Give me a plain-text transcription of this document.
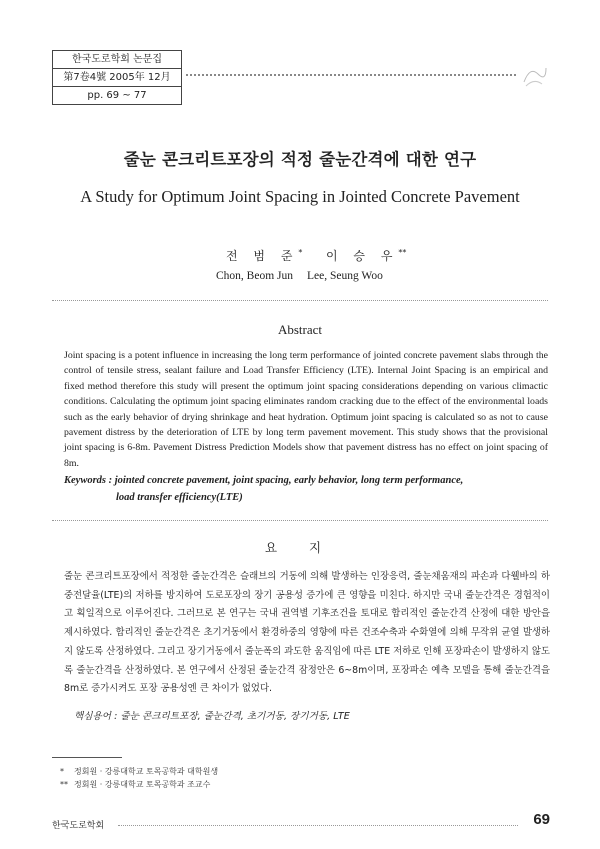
한국도로학회 논문집
第7卷4號 2005年 12月
pp. 69 ~ 77
줄눈 콘크리트포장의 적정 줄눈간격에 대한 연구
A Study for Optimum Joint Spacing in Jointed Concrete Pavement
전 범 준* 이 승 우**
Chon, Beom Jun Lee, Seung Woo
Abstract

Joint spacing is a potent influence in increasing the long term performance of jointed concrete pavement slabs through the control of tensile stress, sealant failure and Load Transfer Efficiency (LTE). Internal Joint Spacing is an empirical and fixed method therefore this study will present the optimum joint spacing considerations depending on various climactic conditions. Calculating the optimum joint spacing eliminates random cracking due to the effect of the environmental loads such as the early behavior of drying shrinkage and heat hydration. Optimum joint spacing is calculated so as not to cause pavement distress by the deterioration of LTE by long term pavement movement. This study shows that the provisional joint spacing is 6-8m. Pavement Distress Prediction Models show that pavement distress has no effect on joint spacing of 8m.

Keywords : jointed concrete pavement, joint spacing, early behavior, long term performance,
load transfer efficiency(LTE)
요 지

줄눈 콘크리트포장에서 적정한 줄눈간격은 슬래브의 거동에 의해 발생하는 인장응력, 줄눈채움재의 파손과 다웰바의 하중전달율(LTE)의 저하를 방지하여 도로포장의 장기 공용성 증가에 큰 영향을 미친다. 하지만 국내 줄눈간격은 경험적이고 획일적으로 이루어진다. 그러므로 본 연구는 국내 권역별 기후조건을 토대로 합리적인 줄눈간격 산정에 대한 방안을 제시하였다. 합리적인 줄눈간격은 초기거동에서 환경하중의 영향에 따른 건조수축과 수화열에 의해 무작위 균열 발생하지 않도록 산정하였다. 그리고 장기거동에서 줄눈폭의 과도한 움직임에 따른 LTE 저하로 인해 포장파손이 발생하지 않도록 줄눈간격을 산정하였다. 본 연구에서 산정된 줄눈간격 잠정안은 6~8m이며, 포장파손 예측 모델을 통해 줄눈간격을 8m로 증가시켜도 포장 공용성엔 큰 차이가 없었다.

핵심용어 : 줄눈 콘크리트포장, 줄눈간격, 초기거동, 장기거동, LTE
* 정회원 · 강릉대학교 토목공학과 대학원생
** 정회원 · 강릉대학교 토목공학과 조교수
한국도로학회	69
